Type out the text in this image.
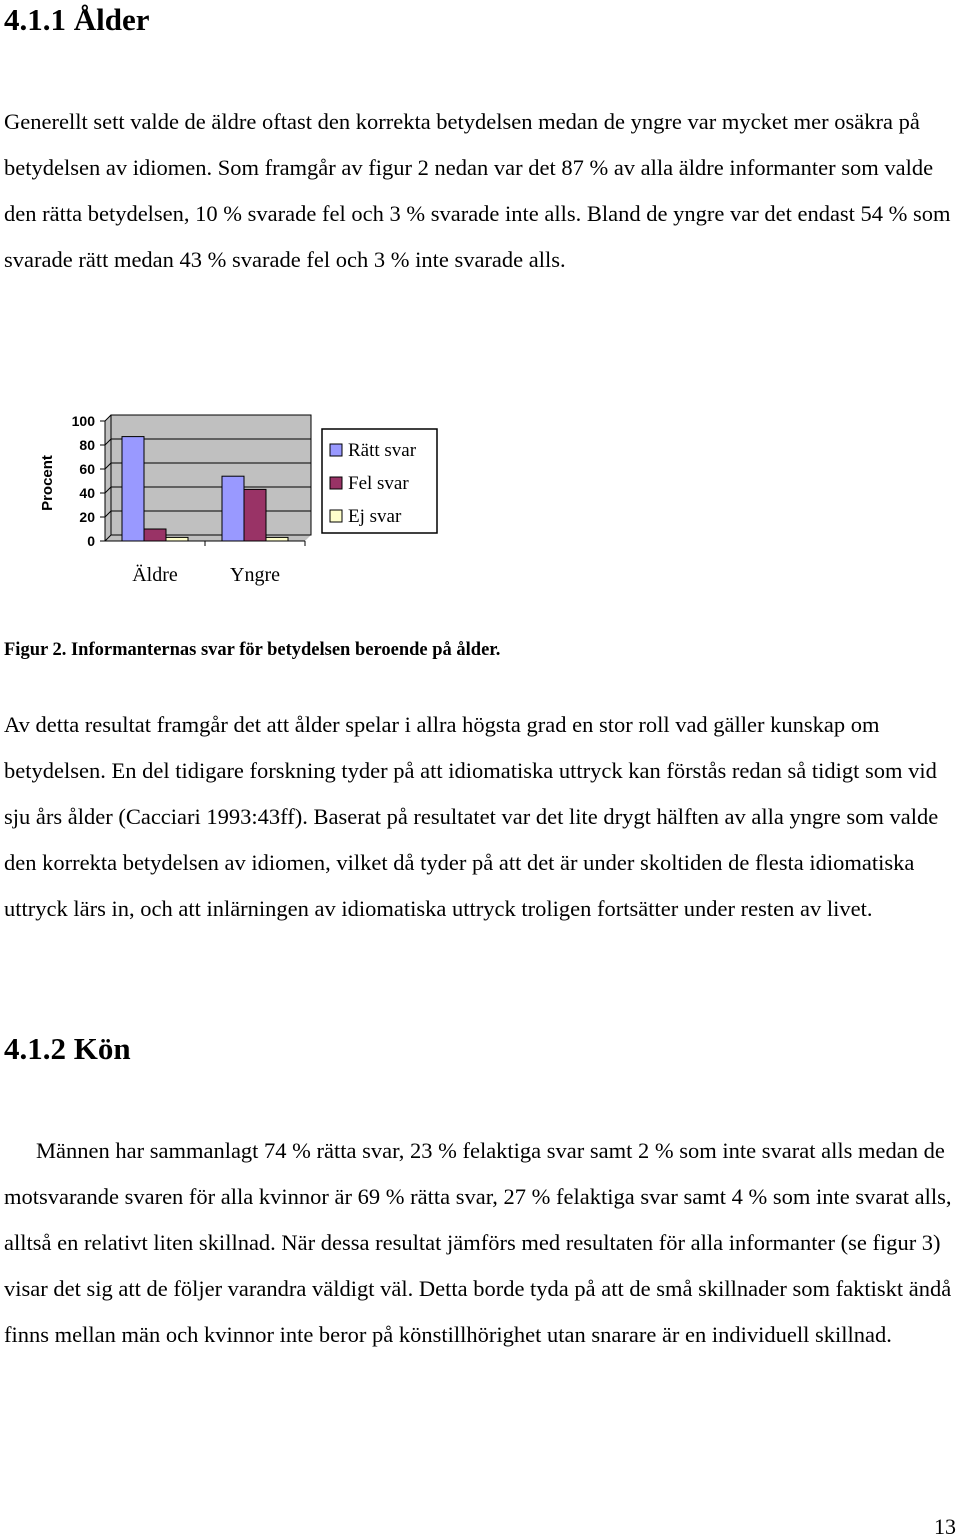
4.1.1 Ålder

Generellt sett valde de äldre oftast den korrekta betydelsen medan de yngre var mycket mer osäkra på betydelsen av idiomen. Som framgår av figur 2 nedan var det 87 % av alla äldre informanter som valde den rätta betydelsen, 10 % svarade fel och 3 % svarade inte alls. Bland de yngre var det endast 54 % som svarade rätt medan 43 % svarade fel och 3 % inte svarade alls.

Procent
100
80
60
40
20
0
Äldre	Yngre
Rätt svar
Fel svar
Ej svar

Figur 2. Informanternas svar för betydelsen beroende på ålder.

Av detta resultat framgår det att ålder spelar i allra högsta grad en stor roll vad gäller kunskap om betydelsen. En del tidigare forskning tyder på att idiomatiska uttryck kan förstås redan så tidigt som vid sju års ålder (Cacciari 1993:43ff). Baserat på resultatet var det lite drygt hälften av alla yngre som valde den korrekta betydelsen av idiomen, vilket då tyder på att det är under skoltiden de flesta idiomatiska uttryck lärs in, och att inlärningen av idiomatiska uttryck troligen fortsätter under resten av livet.

4.1.2 Kön

Männen har sammanlagt 74 % rätta svar, 23 % felaktiga svar samt 2 % som inte svarat alls medan de motsvarande svaren för alla kvinnor är 69 % rätta svar, 27 % felaktiga svar samt 4 % som inte svarat alls, alltså en relativt liten skillnad. När dessa resultat jämförs med resultaten för alla informanter (se figur 3) visar det sig att de följer varandra väldigt väl. Detta borde tyda på att de små skillnader som faktiskt ändå finns mellan män och kvinnor inte beror på könstillhörighet utan snarare är en individuell skillnad.

13
